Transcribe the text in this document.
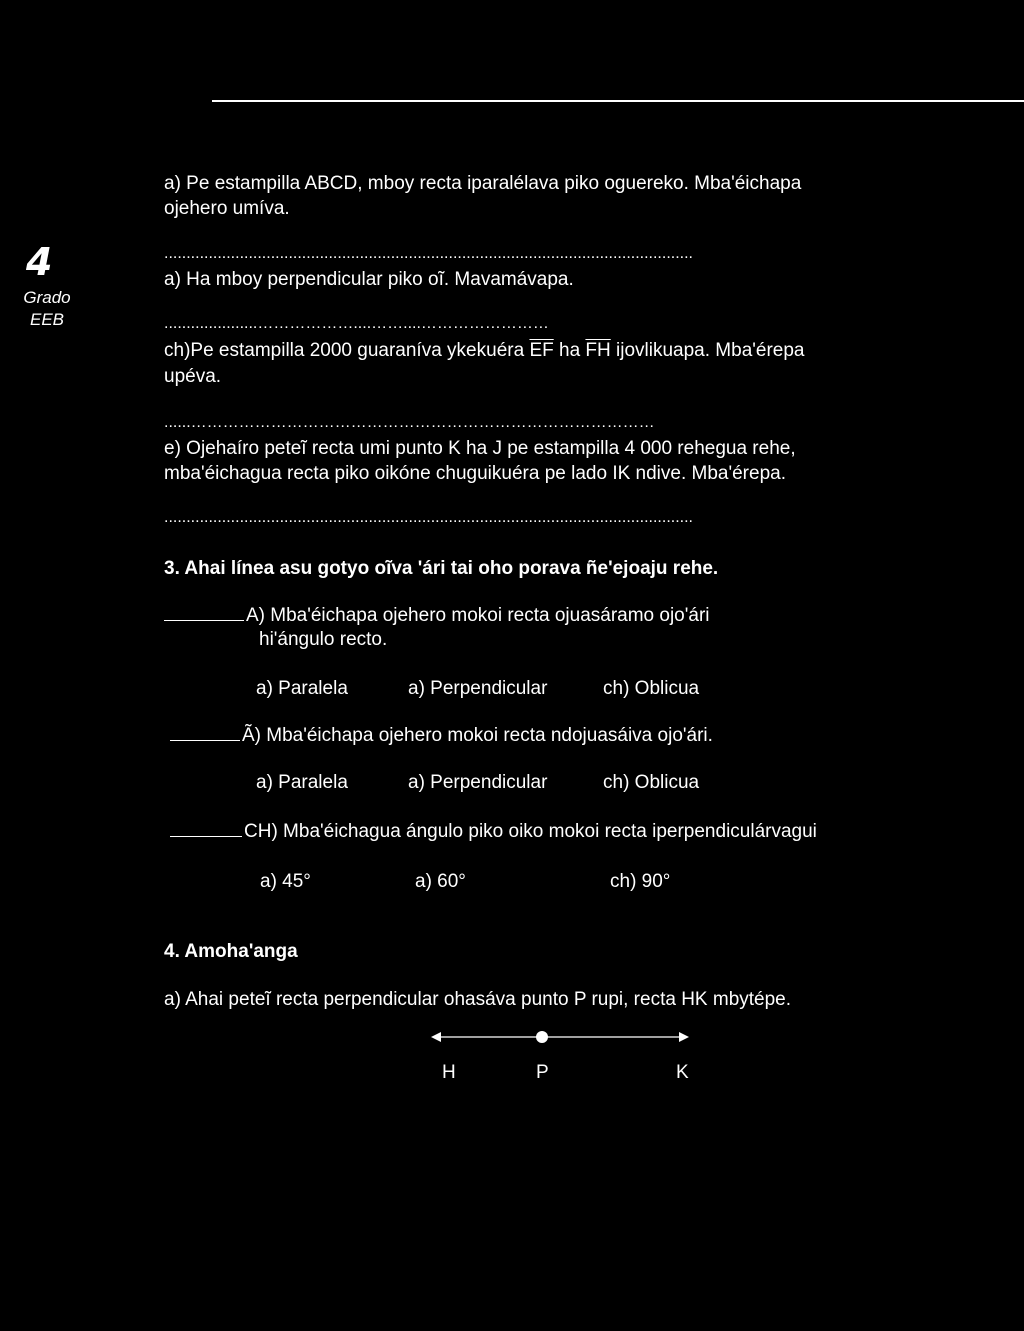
4
Grado
EEB
a) Pe estampilla ABCD, mboy recta iparalélava piko oguereko. Mba'éichapa
ojehero umíva.
.......................................................................................................................
a) Ha mboy perpendicular piko oĩ. Mavamávapa.
.....................………………....……....……………………
ch)Pe estampilla 2000 guaraníva ykekuéra $\overline{EF}$ ha $\overline{FH}$ ijovlikuapa. Mba'érepa
upéva.
......……………………………………………………………………………
e) Ojehaíro peteĩ recta umi punto K ha J pe estampilla 4 000 rehegua rehe,
mba'éichagua recta piko oikóne chuguikuéra pe lado IK ndive. Mba'érepa.
.......................................................................................................................
3. Ahai línea asu gotyo oĩva 'ári tai oho porava ñe'ejoaju rehe.
A) Mba'éichapa ojehero mokoi recta ojuasáramo ojo'ári
hi'ángulo recto.
a) Paralela	a) Perpendicular	ch) Oblicua
Ã) Mba'éichapa ojehero mokoi recta ndojuasáiva ojo'ári.
a) Paralela	a) Perpendicular	ch) Oblicua
CH) Mba'éichagua ángulo piko oiko mokoi recta iperpendiculárvagui
a) 45°	a) 60°	ch) 90°
4. Amoha'anga
a) Ahai peteĩ recta perpendicular ohasáva punto P rupi, recta HK mbytépe.
H	P	K
